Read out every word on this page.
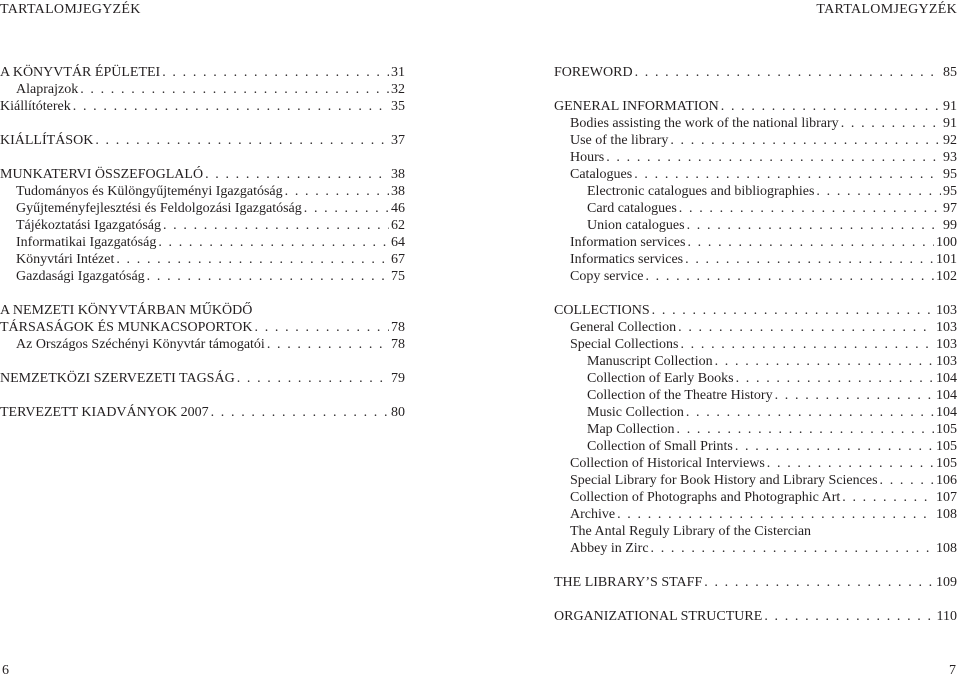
TARTALOMJEGYZÉK	TARTALOMJEGYZÉK
A KÖNYVTÁR ÉPÜLETEI . . .	31
Alaprajzok . . .	32
Kiállítóterek . . .	35
KIÁLLÍTÁSOK . . .	37
MUNKATERVI ÖSSZEFOGLALÓ . . .	38
Tudományos és Különgyűjteményi Igazgatóság . . .	38
Gyűjteményfejlesztési és Feldolgozási Igazgatóság . . .	46
Tájékoztatási Igazgatóság . . .	62
Informatikai Igazgatóság . . .	64
Könyvtári Intézet . . .	67
Gazdasági Igazgatóság . . .	75
A NEMZETI KÖNYVTÁRBAN MŰKÖDŐ
TÁRSASÁGOK ÉS MUNKACSOPORTOK . . .	78
Az Országos Széchényi Könyvtár támogatói . . .	78
NEMZETKÖZI SZERVEZETI TAGSÁG . . .	79
TERVEZETT KIADVÁNYOK 2007 . . .	80
FOREWORD . . .	85
GENERAL INFORMATION . . .	91
Bodies assisting the work of the national library . . .	91
Use of the library . . .	92
Hours . . .	93
Catalogues . . .	95
Electronic catalogues and bibliographies . . .	95
Card catalogues . . .	97
Union catalogues . . .	99
Information services . . .	100
Informatics services . . .	101
Copy service . . .	102
COLLECTIONS . . .	103
General Collection . . .	103
Special Collections . . .	103
Manuscript Collection . . .	103
Collection of Early Books . . .	104
Collection of the Theatre History . . .	104
Music Collection . . .	104
Map Collection . . .	105
Collection of Small Prints . . .	105
Collection of Historical Interviews . . .	105
Special Library for Book History and Library Sciences . . .	106
Collection of Photographs and Photographic Art . . .	107
Archive . . .	108
The Antal Reguly Library of the Cistercian
Abbey in Zirc . . .	108
THE LIBRARY’S STAFF . . .	109
ORGANIZATIONAL STRUCTURE . . .	110
6	7
